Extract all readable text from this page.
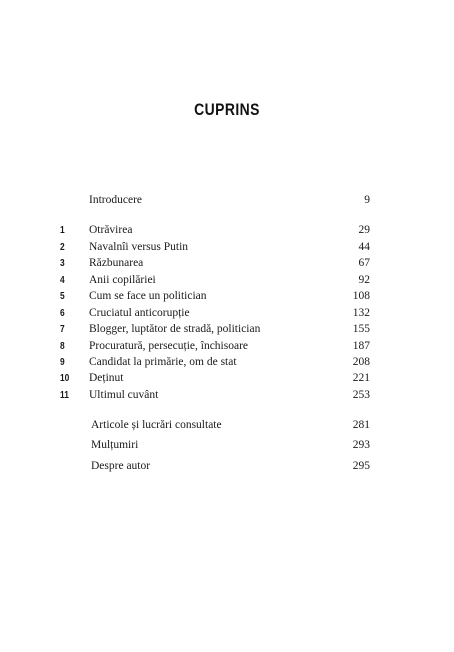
CUPRINS
Introducere	9
1	Otrăvirea	29
2	Navalnîi versus Putin	44
3	Răzbunarea	67
4	Anii copilăriei	92
5	Cum se face un politician	108
6	Cruciatul anticorupție	132
7	Blogger, luptător de stradă, politician	155
8	Procuratură, persecuție, închisoare	187
9	Candidat la primărie, om de stat	208
10	Deținut	221
11	Ultimul cuvânt	253
Articole și lucrări consultate	281
Mulțumiri	293
Despre autor	295
